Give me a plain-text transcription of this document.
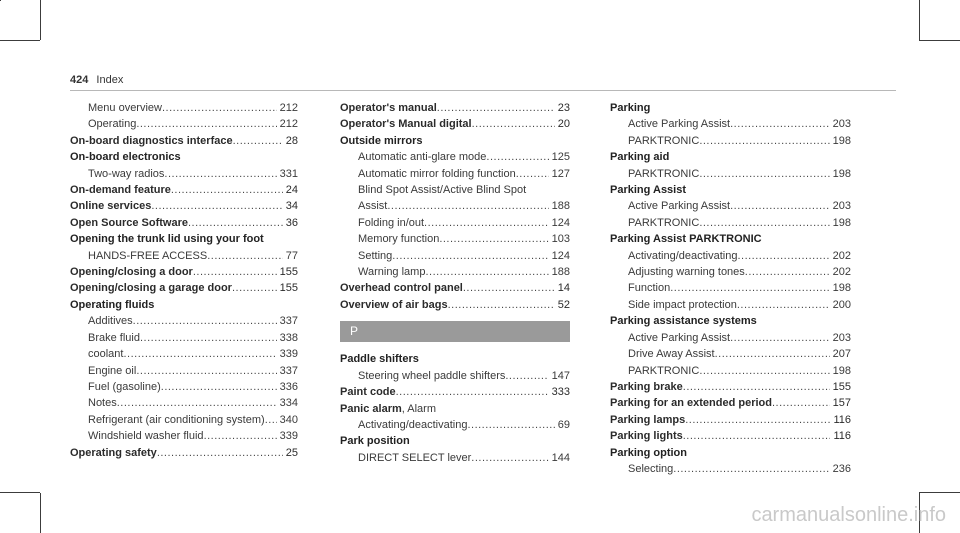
424 Index
Menu overview .....	212
Operating .....	212
On-board diagnostics interface .....	28
On-board electronics
Two-way radios .....	331
On-demand feature .....	24
Online services .....	34
Open Source Software .....	36
Opening the trunk lid using your foot
HANDS-FREE ACCESS .....	77
Opening/closing a door .....	155
Opening/closing a garage door .....	155
Operating fluids
Additives .....	337
Brake fluid .....	338
coolant .....	339
Engine oil .....	337
Fuel (gasoline) .....	336
Notes .....	334
Refrigerant (air conditioning system) ..... 340
Windshield washer fluid .....	339
Operating safety .....	25
Operator's manual .....	23
Operator's Manual digital .....	20
Outside mirrors
Automatic anti-glare mode .....	125
Automatic mirror folding function .....	127
Blind Spot Assist/Active Blind Spot
Assist .....	188
Folding in/out .....	124
Memory function .....	103
Setting .....	124
Warning lamp .....	188
Overhead control panel .....	14
Overview of air bags .....	52
P
Paddle shifters
Steering wheel paddle shifters .....	147
Paint code .....	333
Panic alarm, Alarm
Activating/deactivating .....	69
Park position
DIRECT SELECT lever .....	144
Parking
Active Parking Assist .....	203
PARKTRONIC .....	198
Parking aid
PARKTRONIC .....	198
Parking Assist
Active Parking Assist .....	203
PARKTRONIC .....	198
Parking Assist PARKTRONIC
Activating/deactivating .....	202
Adjusting warning tones .....	202
Function .....	198
Side impact protection .....	200
Parking assistance systems
Active Parking Assist .....	203
Drive Away Assist .....	207
PARKTRONIC .....	198
Parking brake .....	155
Parking for an extended period .....	157
Parking lamps .....	116
Parking lights .....	116
Parking option
Selecting .....	236
carmanualsonline.info
